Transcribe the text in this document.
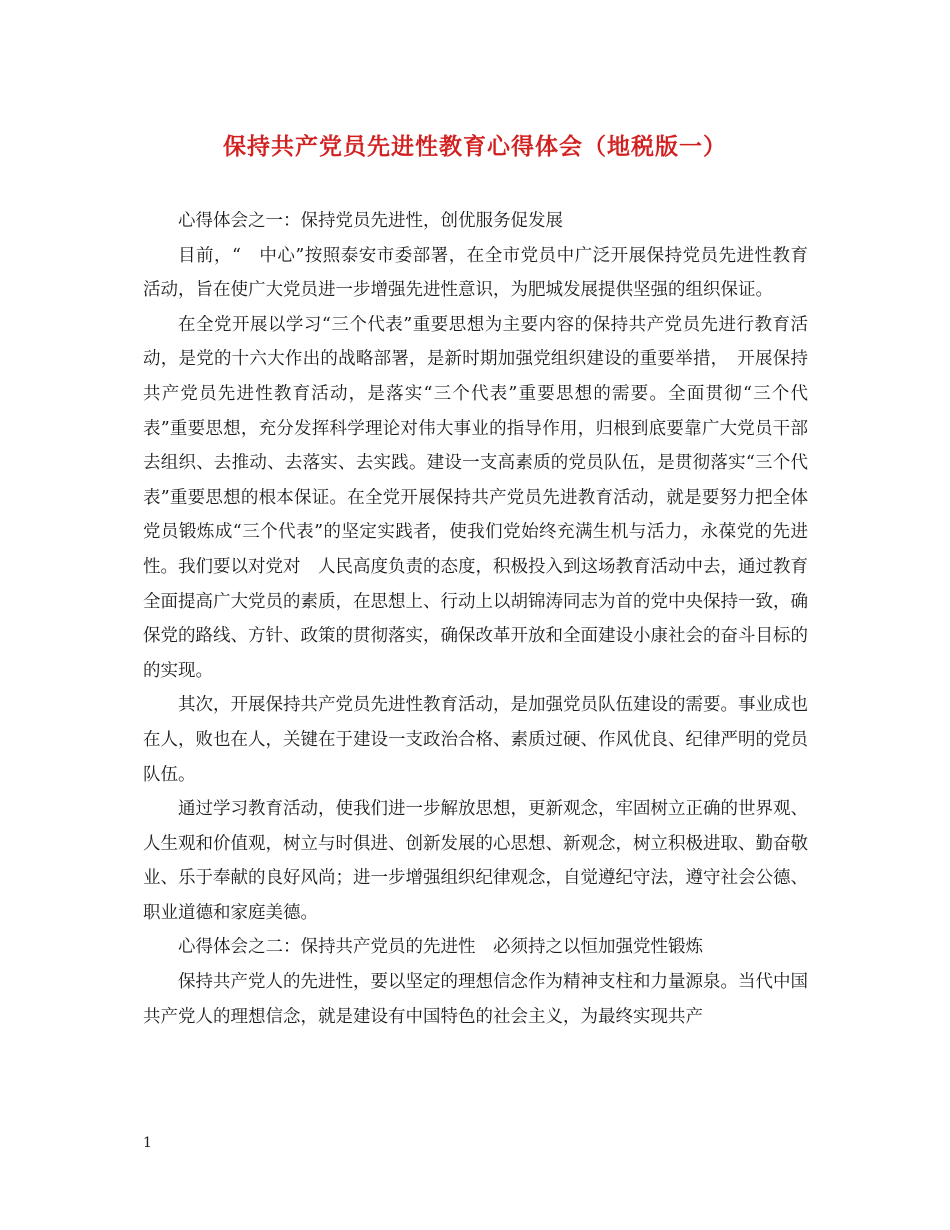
保持共产党员先进性教育心得体会（地税版一）

心得体会之一：保持党员先进性，创优服务促发展

目前，“　中心”按照泰安市委部署，在全市党员中广泛开展保持党员先进性教育活动，旨在使广大党员进一步增强先进性意识，为肥城发展提供坚强的组织保证。

在全党开展以学习“三个代表”重要思想为主要内容的保持共产党员先进行教育活动，是党的十六大作出的战略部署，是新时期加强党组织建设的重要举措，　开展保持共产党员先进性教育活动，是落实“三个代表”重要思想的需要。全面贯彻“三个代表”重要思想，充分发挥科学理论对伟大事业的指导作用，归根到底要靠广大党员干部去组织、去推动、去落实、去实践。建设一支高素质的党员队伍，是贯彻落实“三个代表”重要思想的根本保证。在全党开展保持共产党员先进教育活动，就是要努力把全体党员锻炼成“三个代表”的坚定实践者，使我们党始终充满生机与活力，永葆党的先进性。我们要以对党对　人民高度负责的态度，积极投入到这场教育活动中去，通过教育全面提高广大党员的素质，在思想上、行动上以胡锦涛同志为首的党中央保持一致，确保党的路线、方针、政策的贯彻落实，确保改革开放和全面建设小康社会的奋斗目标的的实现。

其次，开展保持共产党员先进性教育活动，是加强党员队伍建设的需要。事业成也在人，败也在人，关键在于建设一支政治合格、素质过硬、作风优良、纪律严明的党员队伍。

通过学习教育活动，使我们进一步解放思想，更新观念，牢固树立正确的世界观、人生观和价值观，树立与时俱进、创新发展的心思想、新观念，树立积极进取、勤奋敬业、乐于奉献的良好风尚；进一步增强组织纪律观念，自觉遵纪守法，遵守社会公德、职业道德和家庭美德。

心得体会之二：保持共产党员的先进性　必须持之以恒加强党性锻炼

保持共产党人的先进性，要以坚定的理想信念作为精神支柱和力量源泉。当代中国共产党人的理想信念，就是建设有中国特色的社会主义，为最终实现共产

1
